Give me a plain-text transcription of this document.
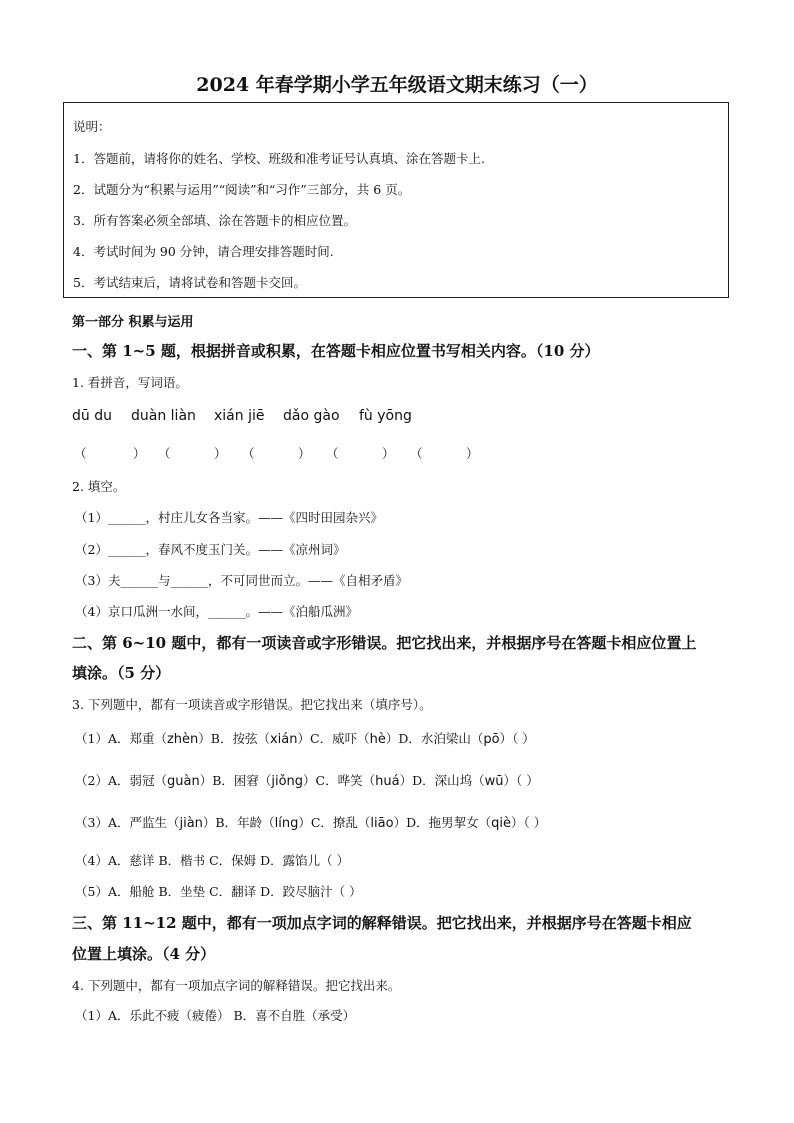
2024 年春学期小学五年级语文期末练习（一）
说明：
1．答题前，请将你的姓名、学校、班级和准考证号认真填、涂在答题卡上.
2．试题分为“积累与运用”“阅读”和“习作”三部分，共 6 页。
3．所有答案必须全部填、涂在答题卡的相应位置。
4．考试时间为 90 分钟，请合理安排答题时间.
5．考试结束后，请将试卷和答题卡交回。
第一部分 积累与运用
一、第 1~5 题，根据拼音或积累，在答题卡相应位置书写相关内容。（10 分）
1. 看拼音，写词语。
dū du duàn liàn xián jiē dǎo gào fù yōng
（	） （	） （	） （	） （	）
2. 填空。
（1）______，村庄儿女各当家。——《四时田园杂兴》
（2）______，春风不度玉门关。——《凉州词》
（3）夫______与______，不可同世而立。——《自相矛盾》
（4）京口瓜洲一水间，______。——《泊船瓜洲》
二、第 6~10 题中，都有一项读音或字形错误。把它找出来，并根据序号在答题卡相应位置上
填涂。（5 分）
3. 下列题中，都有一项读音或字形错误。把它找出来（填序号）。
（1）A．郑重（zhèn）B．按弦（xián）C．威吓（hè）D．水泊梁山（pō）（ ）
（2）A．弱冠（guàn）B．困窘（jiǒng）C．哗笑（huá）D．深山坞（wū）（ ）
（3）A．严监生（jiàn）B．年龄（líng）C．撩乱（liāo）D．拖男挈女（qiè）（ ）
（4）A．慈详 B．楷书 C．保姆 D．露馅儿（ ）
（5）A．船舱 B．坐垫 C．翻译 D．跤尽脑汁（ ）
三、第 11~12 题中，都有一项加点字词的解释错误。把它找出来，并根据序号在答题卡相应
位置上填涂。（4 分）
4. 下列题中，都有一项加点字词的解释错误。把它找出来。
（1）A．乐此不疲（疲倦） B．喜不自胜（承受）
